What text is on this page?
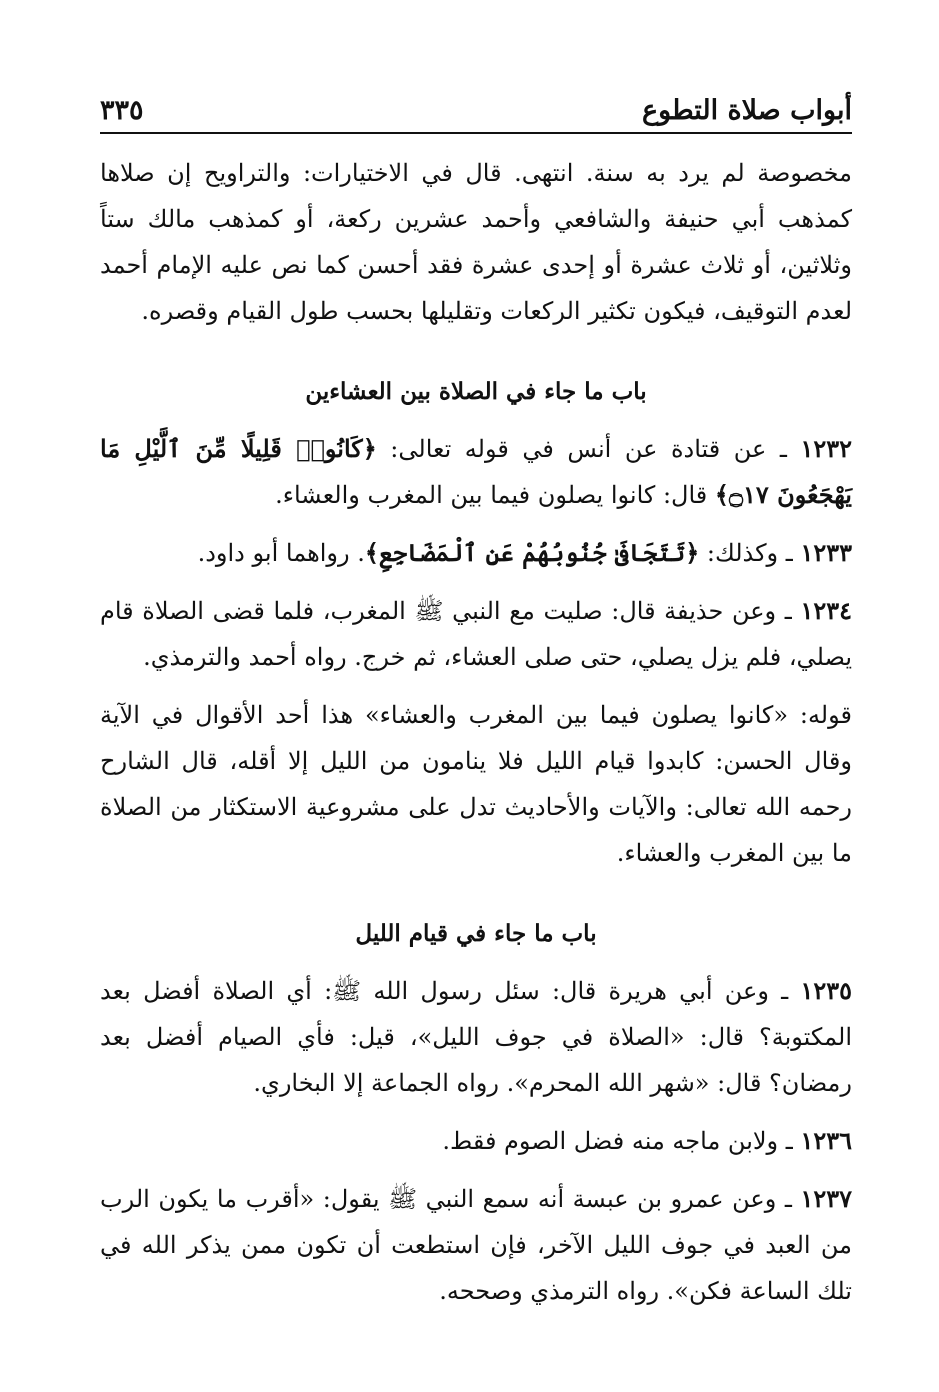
أبواب صلاة التطوع
٣٣٥

مخصوصة لم يرد به سنة. انتهى. قال في الاختيارات: والتراويح إن صلاها كمذهب أبي حنيفة والشافعي وأحمد عشرين ركعة، أو كمذهب مالك ستاً وثلاثين، أو ثلاث عشرة أو إحدى عشرة فقد أحسن كما نص عليه الإمام أحمد لعدم التوقيف، فيكون تكثير الركعات وتقليلها بحسب طول القيام وقصره.

باب ما جاء في الصلاة بين العشاءين

١٢٣٢ ـ عن قتادة عن أنس في قوله تعالى: ﴿كَانُوا۟ قَلِيلًا مِّنَ ٱلَّيْلِ مَا يَهْجَعُونَ ۝١٧﴾ قال: كانوا يصلون فيما بين المغرب والعشاء.

١٢٣٣ ـ وكذلك: ﴿تَتَجَافَىٰ جُنُوبُهُمْ عَنِ ٱلْمَضَاجِعِ﴾. رواهما أبو داود.

١٢٣٤ ـ وعن حذيفة قال: صليت مع النبي ﷺ المغرب، فلما قضى الصلاة قام يصلي، فلم يزل يصلي، حتى صلى العشاء، ثم خرج. رواه أحمد والترمذي.

قوله: «كانوا يصلون فيما بين المغرب والعشاء» هذا أحد الأقوال في الآية وقال الحسن: كابدوا قيام الليل فلا ينامون من الليل إلا أقله، قال الشارح رحمه الله تعالى: والآيات والأحاديث تدل على مشروعية الاستكثار من الصلاة ما بين المغرب والعشاء.

باب ما جاء في قيام الليل

١٢٣٥ ـ وعن أبي هريرة قال: سئل رسول الله ﷺ: أي الصلاة أفضل بعد المكتوبة؟ قال: «الصلاة في جوف الليل»، قيل: فأي الصيام أفضل بعد رمضان؟ قال: «شهر الله المحرم». رواه الجماعة إلا البخاري.

١٢٣٦ ـ ولابن ماجه منه فضل الصوم فقط.

١٢٣٧ ـ وعن عمرو بن عبسة أنه سمع النبي ﷺ يقول: «أقرب ما يكون الرب من العبد في جوف الليل الآخر، فإن استطعت أن تكون ممن يذكر الله في تلك الساعة فكن». رواه الترمذي وصححه.
